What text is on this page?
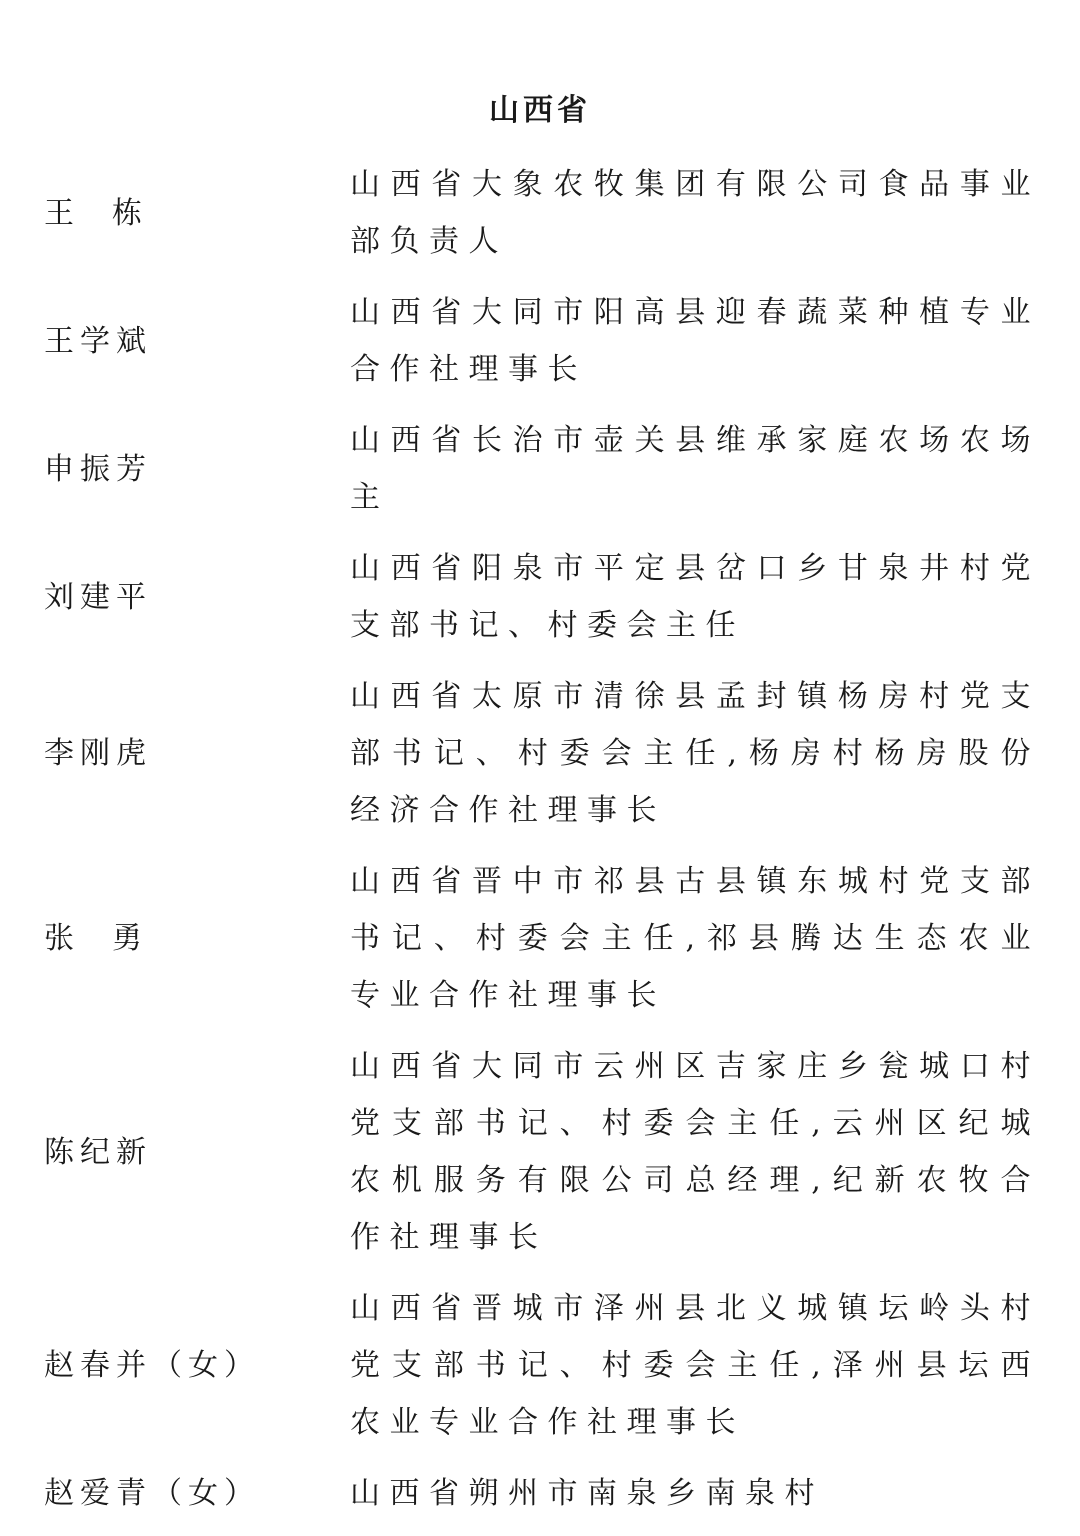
山西省
王栋
山西省大象农牧集团有限公司食品事业部负责人
王学斌
山西省大同市阳高县迎春蔬菜种植专业合作社理事长
申振芳
山西省长治市壶关县维承家庭农场农场主
刘建平
山西省阳泉市平定县岔口乡甘泉井村党支部书记、村委会主任
李刚虎
山西省太原市清徐县孟封镇杨房村党支部书记、村委会主任,杨房村杨房股份经济合作社理事长
张勇
山西省晋中市祁县古县镇东城村党支部书记、村委会主任,祁县腾达生态农业专业合作社理事长
陈纪新
山西省大同市云州区吉家庄乡瓮城口村党支部书记、村委会主任,云州区纪城农机服务有限公司总经理,纪新农牧合作社理事长
赵春并（女）
山西省晋城市泽州县北义城镇坛岭头村党支部书记、村委会主任,泽州县坛西农业专业合作社理事长
赵爱青（女）	山西省朔州市南泉乡南泉村
